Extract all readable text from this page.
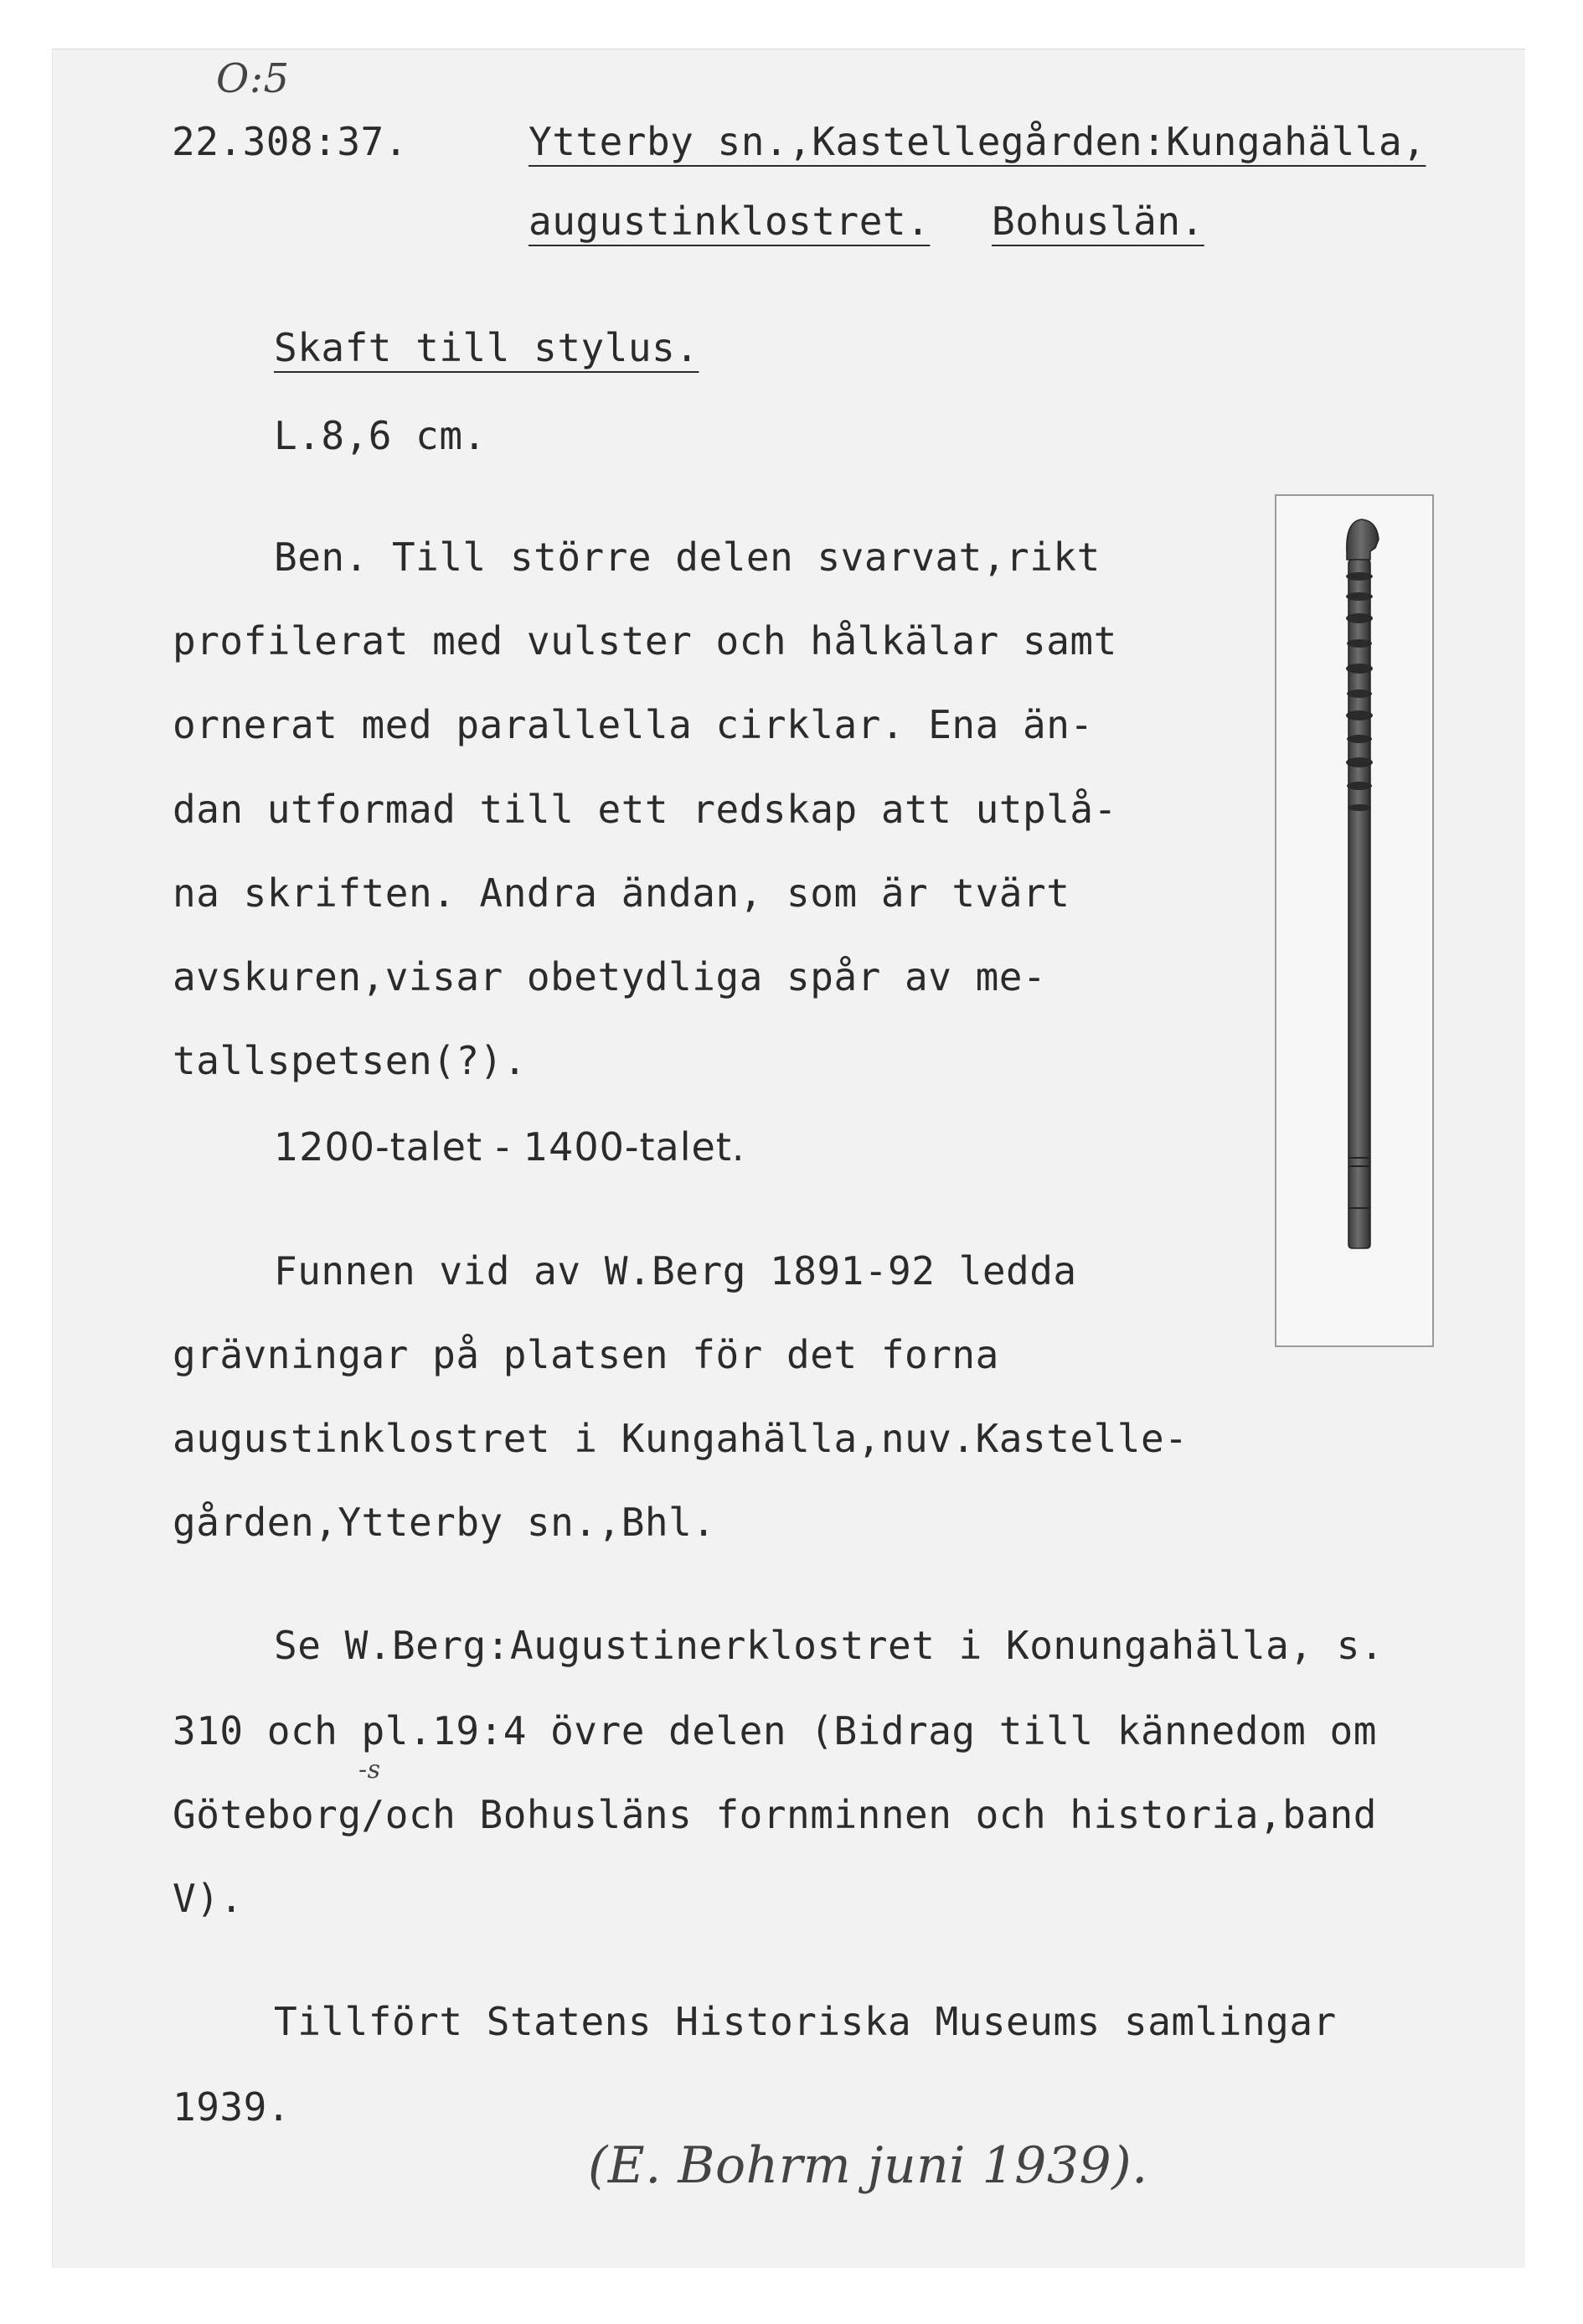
O:5
22.308:37.	Ytterby sn.,Kastellegården:Kungahälla,
augustinklostret. Bohuslän.
Skaft till stylus.
L.8,6 cm.
Ben. Till större delen svarvat,rikt
profilerat med vulster och hålkälar samt
ornerat med parallella cirklar. Ena än-
dan utformad till ett redskap att utplå-
na skriften. Andra ändan, som är tvärt
avskuren,visar obetydliga spår av me-
tallspetsen(?).
1200-talet - 1400-talet.
Funnen vid av W.Berg 1891-92 ledda
grävningar på platsen för det forna
augustinklostret i Kungahälla,nuv.Kastelle-
gården,Ytterby sn.,Bhl.
Se W.Berg:Augustinerklostret i Konungahälla, s.
310 och pl.19:4 övre delen (Bidrag till kännedom om
-s
Göteborg/och Bohusläns fornminnen och historia,band
V).
Tillfört Statens Historiska Museums samlingar
1939.
(E. Bohrm juni 1939).
